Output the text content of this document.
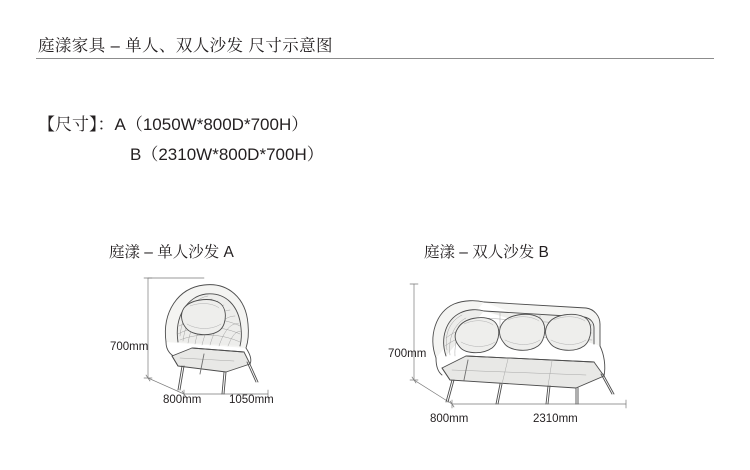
庭漾家具 – 单人、双人沙发 尺寸示意图
【尺寸】：A（1050W*800D*700H）
B（2310W*800D*700H）
庭漾 – 单人沙发 A	庭漾 – 双人沙发 B
700mm
800mm 1050mm
700mm
800mm	2310mm
